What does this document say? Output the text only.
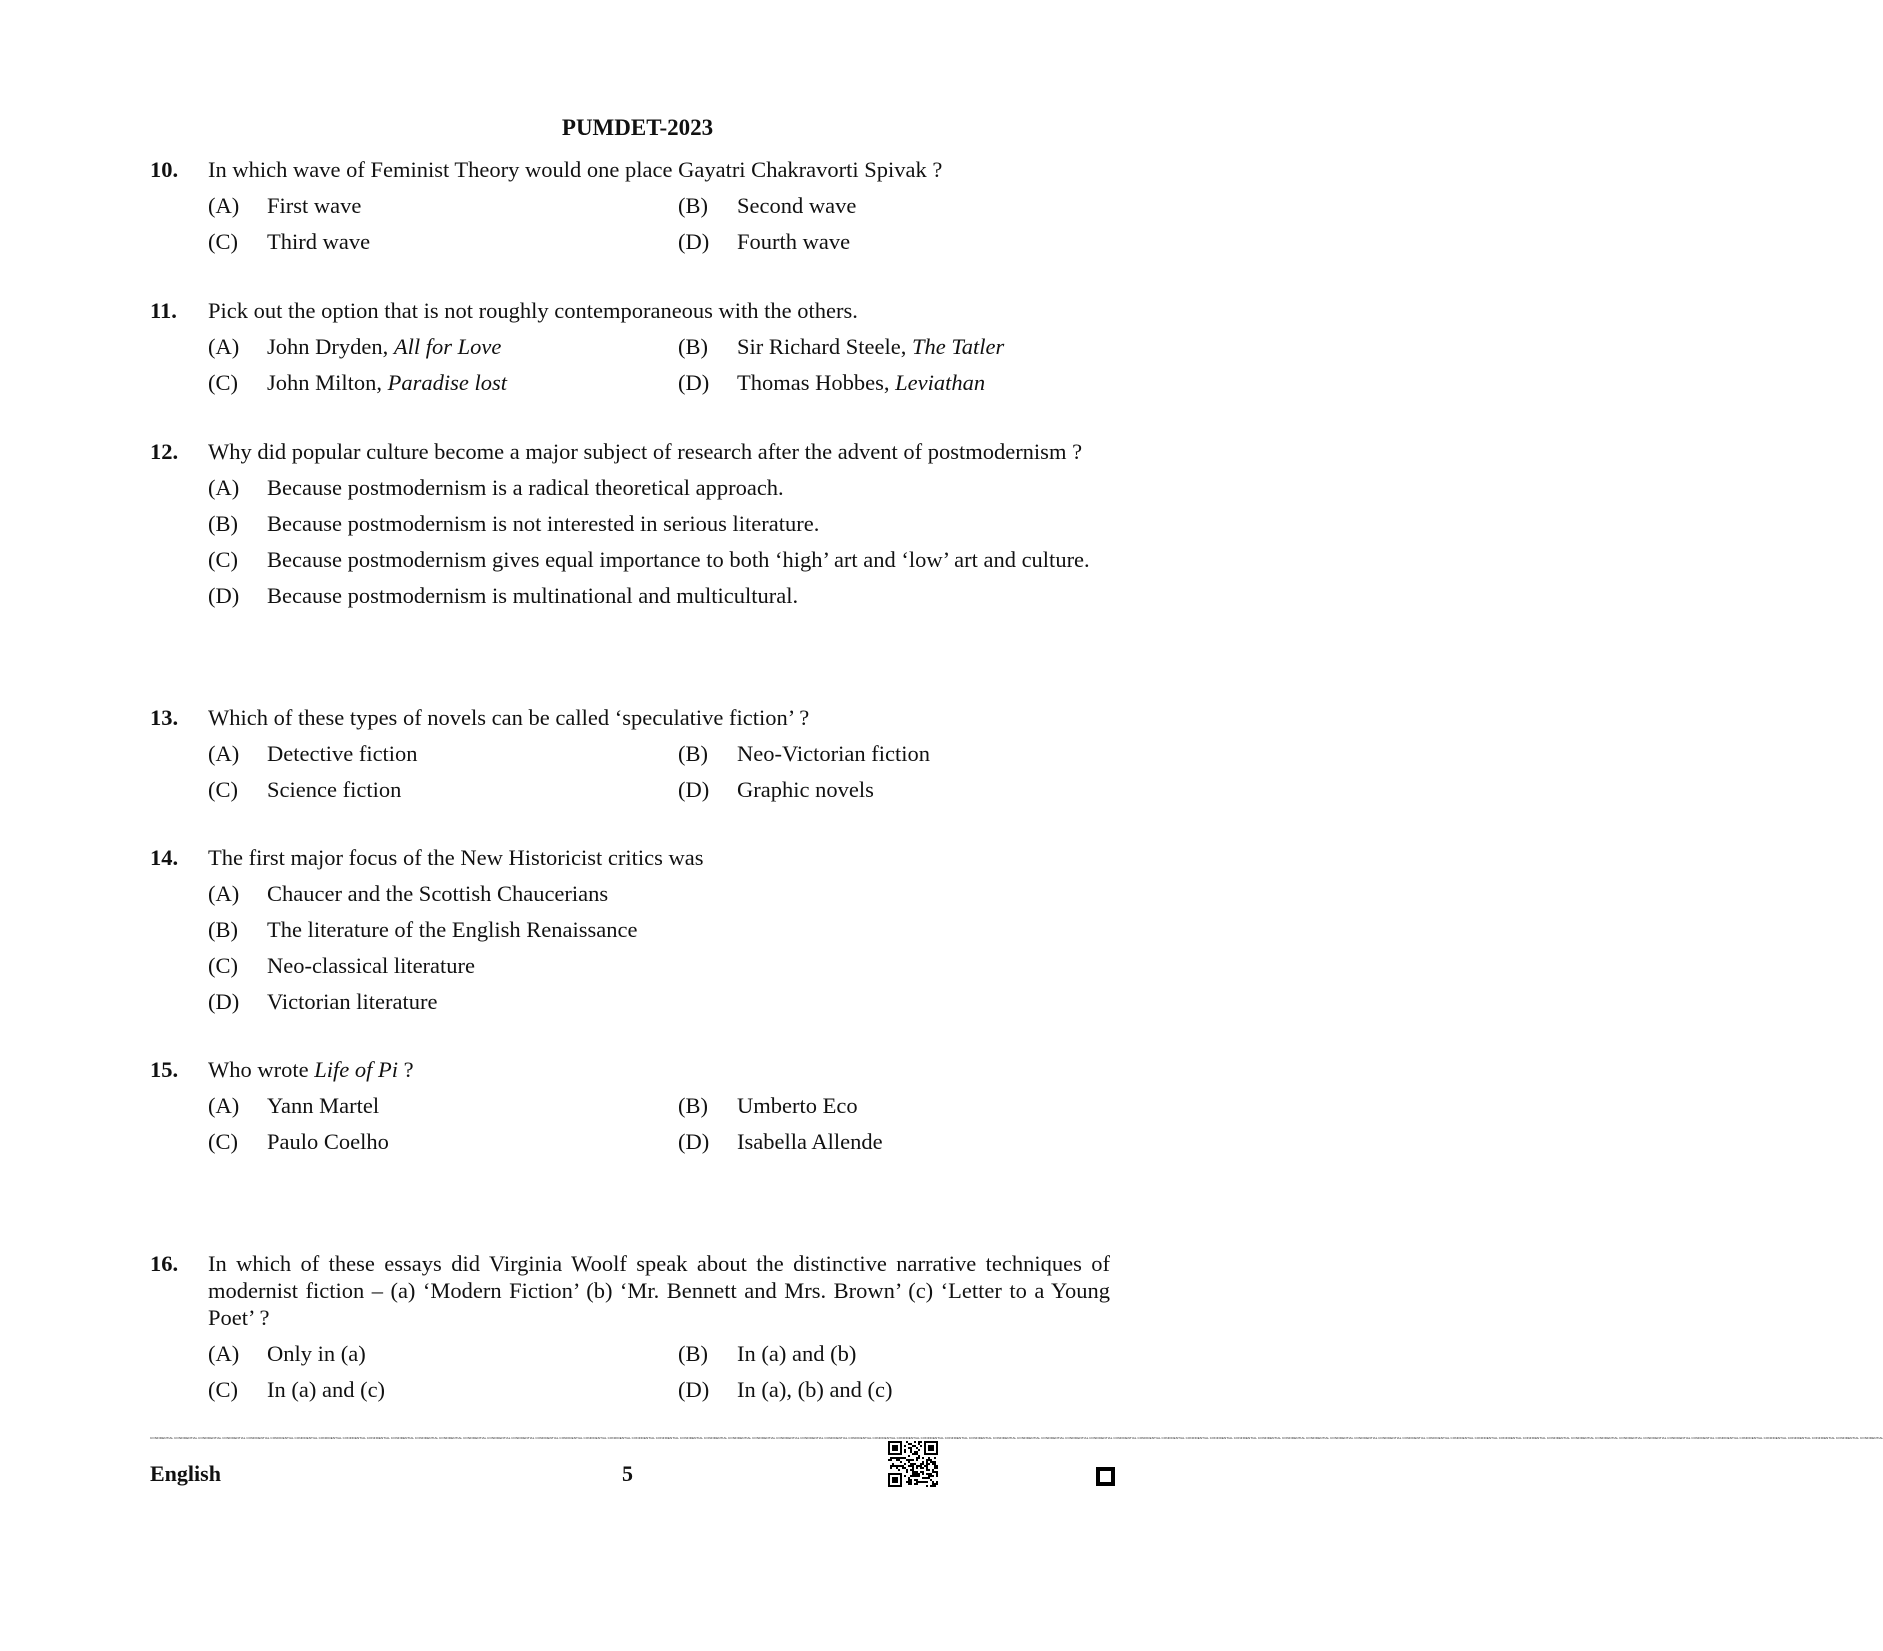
PUMDET-2023
10.	In which wave of Feminist Theory would one place Gayatri Chakravorti Spivak ?
(A)	First wave	(B)	Second wave
(C)	Third wave	(D)	Fourth wave
11.	Pick out the option that is not roughly contemporaneous with the others.
(A)	John Dryden, All for Love	(B)	Sir Richard Steele, The Tatler
(C)	John Milton, Paradise lost	(D)	Thomas Hobbes, Leviathan
12.	Why did popular culture become a major subject of research after the advent of postmodernism ?
(A)	Because postmodernism is a radical theoretical approach.
(B)	Because postmodernism is not interested in serious literature.
(C)	Because postmodernism gives equal importance to both ‘high’ art and ‘low’ art and culture.
(D)	Because postmodernism is multinational and multicultural.
13.	Which of these types of novels can be called ‘speculative fiction’ ?
(A)	Detective fiction	(B)	Neo-Victorian fiction
(C)	Science fiction	(D)	Graphic novels
14.	The first major focus of the New Historicist critics was
(A)	Chaucer and the Scottish Chaucerians
(B)	The literature of the English Renaissance
(C)	Neo-classical literature
(D)	Victorian literature
15.	Who wrote Life of Pi ?
(A)	Yann Martel	(B)	Umberto Eco
(C)	Paulo Coelho	(D)	Isabella Allende
16.	In which of these essays did Virginia Woolf speak about the distinctive narrative techniques of modernist fiction – (a) ‘Modern Fiction’ (b) ‘Mr. Bennett and Mrs. Brown’ (c) ‘Letter to a Young Poet’ ?
(A)	Only in (a)	(B)	In (a) and (b)
(C)	In (a) and (c)	(D)	In (a), (b) and (c)
CONFIDENTIAL CONFIDENTIAL CONFIDENTIAL CONFIDENTIAL CONFIDENTIAL CONFIDENTIAL CONFIDENTIAL CONFIDENTIAL CONFIDENTIAL CONFIDENTIAL CONFIDENTIAL CONFIDENTIAL CONFIDENTIAL CONFIDENTIAL CONFIDENTIAL CONFIDENTIAL CONFIDENTIAL CONFIDENTIAL CONFIDENTIAL CONFIDENTIAL CONFIDENTIAL CONFIDENTIAL CONFIDENTIAL CONFIDENTIAL CONFIDENTIAL CONFIDENTIAL CONFIDENTIAL CONFIDENTIAL CONFIDENTIAL CONFIDENTIAL CONFIDENTIAL CONFIDENTIAL CONFIDENTIAL CONFIDENTIAL CONFIDENTIAL CONFIDENTIAL CONFIDENTIAL CONFIDENTIAL CONFIDENTIAL CONFIDENTIAL CONFIDENTIAL CONFIDENTIAL CONFIDENTIAL CONFIDENTIAL CONFIDENTIAL CONFIDENTIAL CONFIDENTIAL CONFIDENTIAL CONFIDENTIAL CONFIDENTIAL CONFIDENTIAL CONFIDENTIAL CONFIDENTIAL CONFIDENTIAL CONFIDENTIAL CONFIDENTIAL CONFIDENTIAL CONFIDENTIAL CONFIDENTIAL CONFIDENTIAL CONFIDENTIAL CONFIDENTIAL CONFIDENTIAL CONFIDENTIAL CONFIDENTIAL CONFIDENTIAL CONFIDENTIAL CONFIDENTIAL CONFIDENTIAL CONFIDENTIAL CONFIDENTIAL CONFIDENTIAL
English	5
